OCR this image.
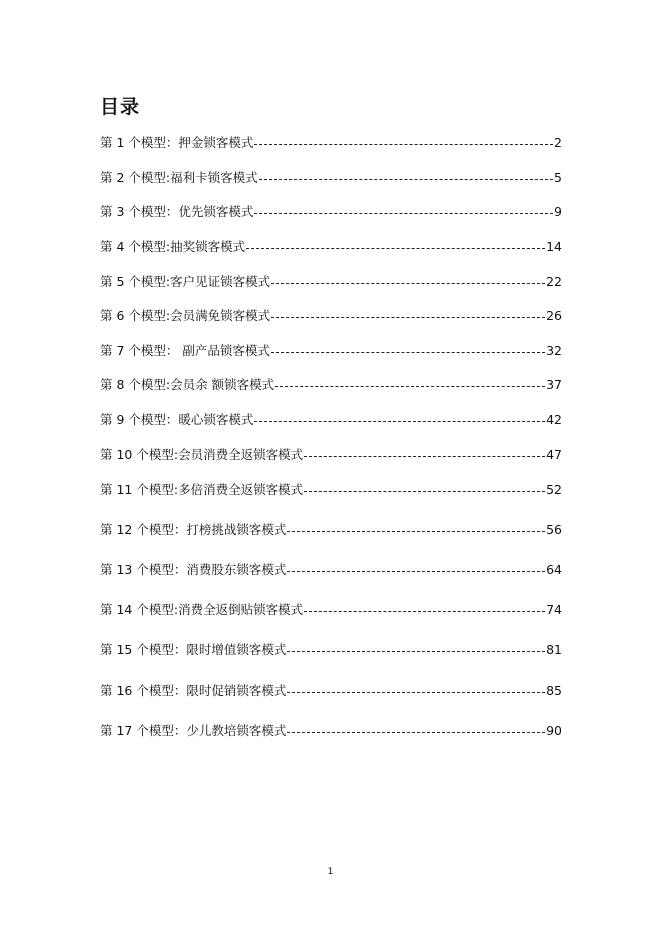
目录
第 1 个模型：押金锁客模式	2
第 2 个模型:福利卡锁客模式	5
第 3 个模型：优先锁客模式	9
第 4 个模型:抽奖锁客模式	14
第 5 个模型:客户见证锁客模式	22
第 6 个模型:会员满免锁客模式	26
第 7 个模型： 副产品锁客模式	32
第 8 个模型:会员余 额锁客模式	37
第 9 个模型：暖心锁客模式	42
第 10 个模型:会员消费全返锁客模式	47
第 11 个模型:多倍消费全返锁客模式	52
第 12 个模型：打榜挑战锁客模式	56
第 13 个模型：消费股东锁客模式	64
第 14 个模型:消费全返倒贴锁客模式	74
第 15 个模型：限时增值锁客模式	81
第 16 个模型：限时促销锁客模式	85
第 17 个模型：少儿教培锁客模式	90
1
